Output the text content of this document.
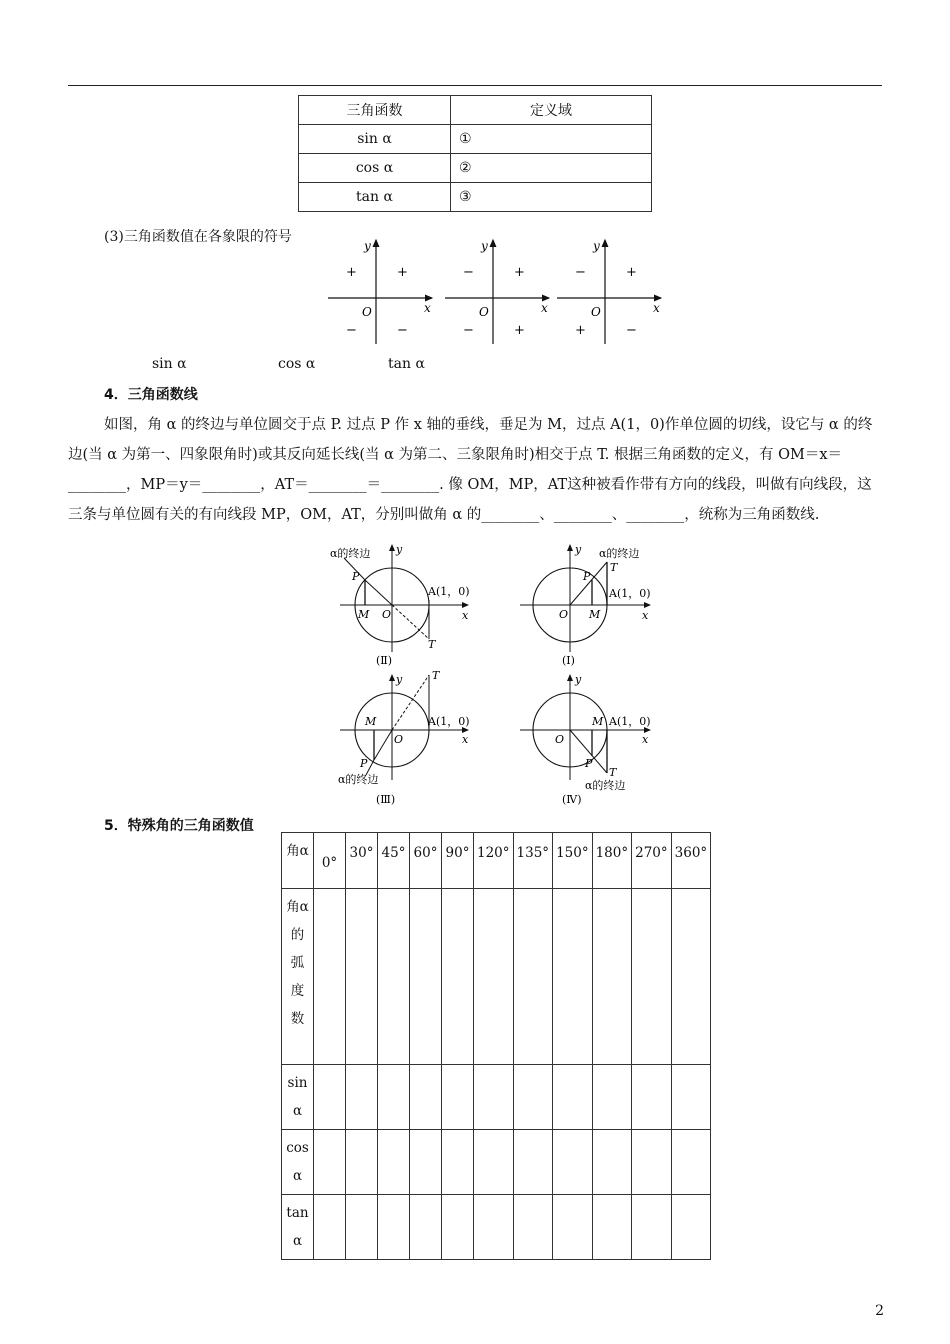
三角函数	定义域
sin α	①
cos α	②
tan α	③
(3)三角函数值在各象限的符号
y
x
O
+	+
−	−
y
x
O
−	+
−	+
y
x
O
−	+
+	−
sin α	cos α	tan α
4．三角函数线
如图，角 α 的终边与单位圆交于点 P. 过点 P 作 x 轴的垂线，垂足为 M，过点 A(1，0)作单位圆的切线，设它与 α 的终边(当 α 为第一、四象限角时)或其反向延长线(当 α 为第二、三象限角时)相交于点 T. 根据三角函数的定义，有 OM＝x＝________，MP＝y＝________，AT＝________＝________. 像 OM，MP，AT这种被看作带有方向的线段，叫做有向线段，这三条与单位圆有关的有向线段 MP，OM，AT，分别叫做角 α 的________、________、________，统称为三角函数线.
α的终边 y
x
P
M O
A(1，0)
T
(Ⅱ)
α的终边
y
x
P
M
O
A(1，0)
T
(Ⅰ)
y
x
T
M
O
A(1，0)
P
α的终边
(Ⅲ)
y
x
O
M A(1，0)
P
T
α的终边
(Ⅳ)
5．特殊角的三角函数值
角α	0°	30°	45°	60°	90°	120°	135°	150°	180°	270°	360°
角α的弧度数											
sin α											
cos α											
tan α											
2
